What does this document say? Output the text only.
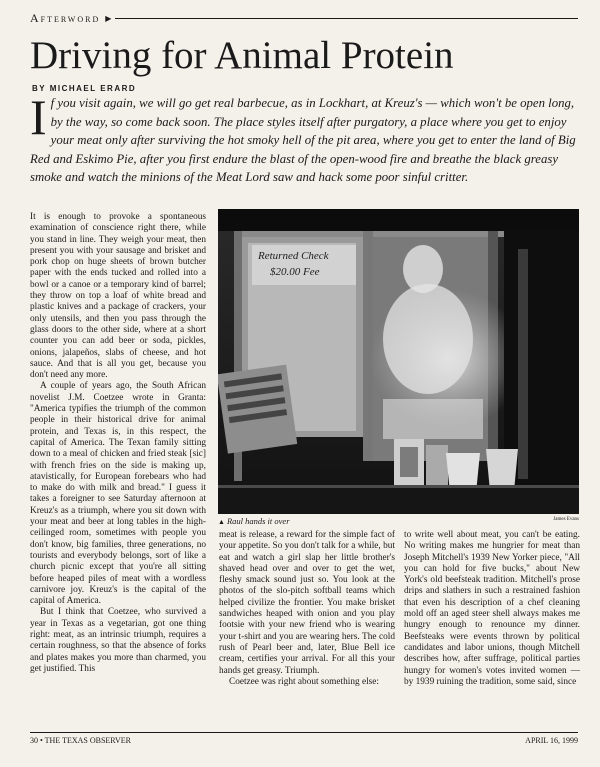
Afterword ▶
Driving for Animal Protein
BY MICHAEL ERARD

If you visit again, we will go get real barbecue, as in Lockhart, at Kreuz's — which won't be open long, by the way, so come back soon. The place styles itself after purgatory, a place where you get to enjoy your meat only after surviving the hot smoky hell of the pit area, where you get to enter the land of Big Red and Eskimo Pie, after you first endure the blast of the open-wood fire and breathe the black greasy smoke and watch the minions of the Meat Lord saw and hack some poor sinful critter.

It is enough to provoke a spontaneous examination of conscience right there, while you stand in line. They weigh your meat, then present you with your sausage and brisket and pork chop on huge sheets of brown butcher paper with the ends tucked and rolled into a bowl or a canoe or a temporary kind of barrel; they throw on top a loaf of white bread and plastic knives and a package of crackers, your only utensils, and then you pass through the glass doors to the other side, where at a short counter you can add beer or soda, pickles, onions, jalapeños, slabs of cheese, and hot sauce. And that is all you get, because you don't need any more.

A couple of years ago, the South African novelist J.M. Coetzee wrote in Granta: "America typifies the triumph of the common people in their historical drive for animal protein, and Texas is, in this respect, the capital of America. The Texan family sitting down to a meal of chicken and fried steak [sic] with french fries on the side is making up, atavistically, for European forebears who had to make do with milk and bread." I guess it takes a foreigner to see Saturday afternoon at Kreuz's as a triumph, where you sit down with your meat and beer at long tables in the high-ceilinged room, sometimes with people you don't know, big families, three generations, no tourists and everybody belongs, sort of like a church picnic except that you're all sitting before heaped piles of meat with a wordless carnivore joy. Kreuz's is the capital of the capital of America.

But I think that Coetzee, who survived a year in Texas as a vegetarian, got one thing right: meat, as an intrinsic triumph, requires a certain roughness, so that the absence of forks and plates makes you more than charmed, you get justified. This

Returned Check
$20.00 Fee
▲ Raul hands it over	James Evans

meat is release, a reward for the simple fact of your appetite. So you don't talk for a while, but eat and watch a girl slap her little brother's shaved head over and over to get the wet, fleshy smack sound just so. You look at the photos of the slo-pitch softball teams which helped civilize the frontier. You make brisket sandwiches heaped with onion and you play footsie with your new friend who is wearing your t-shirt and you are wearing hers. The cold rush of Pearl beer and, later, Blue Bell ice cream, certifies your arrival. For all this your hands get greasy. Triumph.

Coetzee was right about something else:

to write well about meat, you can't be eating. No writing makes me hungrier for meat than Joseph Mitchell's 1939 New Yorker piece, "All you can hold for five bucks," about New York's old beefsteak tradition. Mitchell's prose drips and slathers in such a restrained fashion that even his description of a chef cleaning mold off an aged steer shell always makes me hungry enough to renounce my dinner. Beefsteaks were events thrown by political candidates and labor unions, though Mitchell describes how, after suffrage, political parties hungry for women's votes invited women — by 1939 ruining the tradition, some said, since

30 • THE TEXAS OBSERVER	APRIL 16, 1999
